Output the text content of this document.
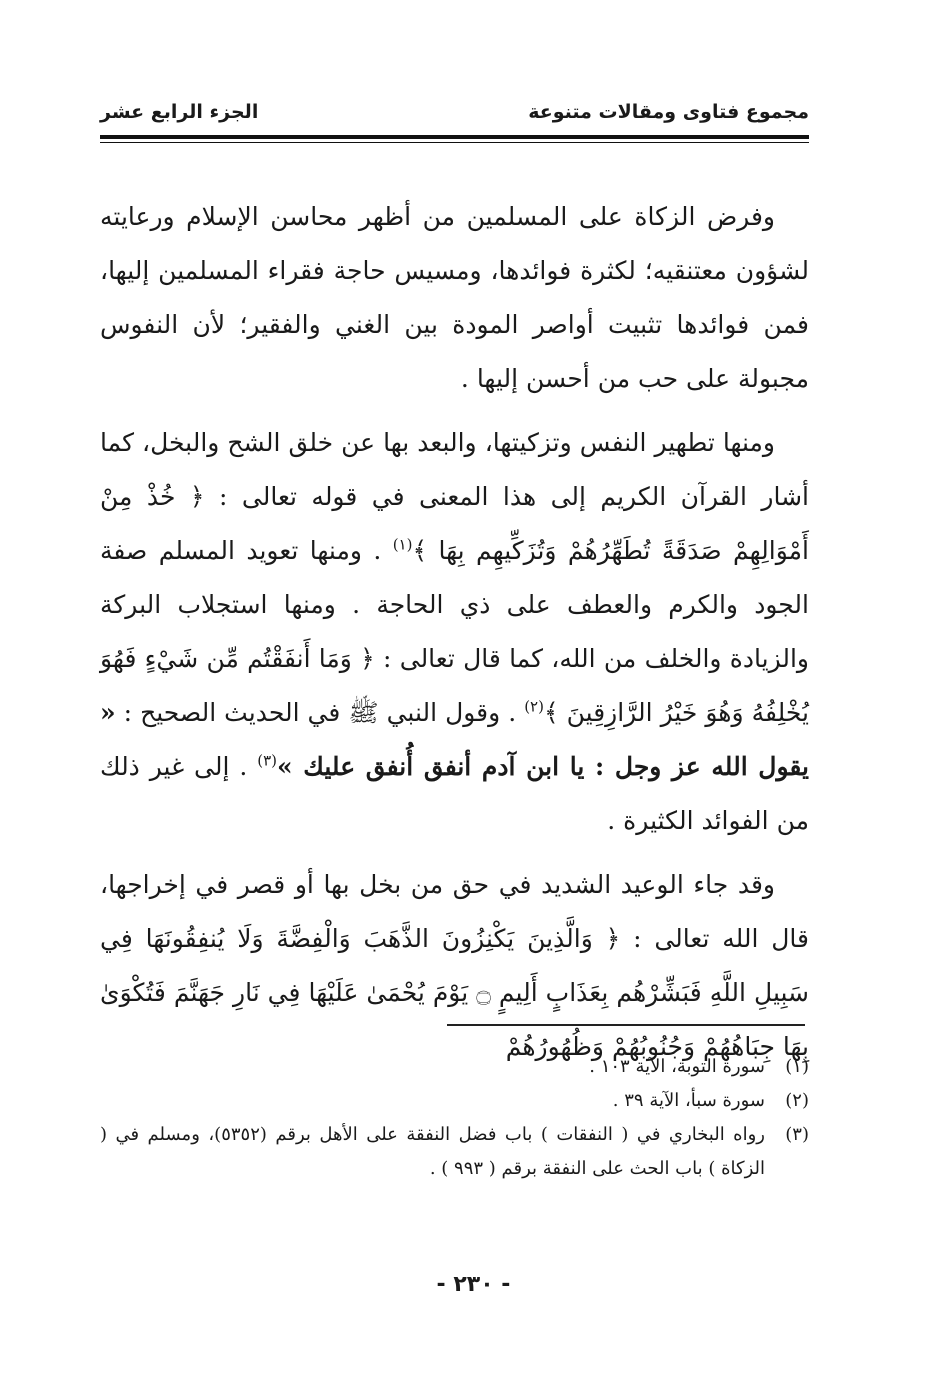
مجموع فتاوى ومقالات متنوعة
الجزء الرابع عشر

وفرض الزكاة على المسلمين من أظهر محاسن الإسلام ورعايته لشؤون معتنقيه؛ لكثرة فوائدها، ومسيس حاجة فقراء المسلمين إليها، فمن فوائدها تثبيت أواصر المودة بين الغني والفقير؛ لأن النفوس مجبولة على حب من أحسن إليها .

ومنها تطهير النفس وتزكيتها، والبعد بها عن خلق الشح والبخل، كما أشار القرآن الكريم إلى هذا المعنى في قوله تعالى : ﴿ خُذْ مِنْ أَمْوَالِهِمْ صَدَقَةً تُطَهِّرُهُمْ وَتُزَكِّيهِم بِهَا ﴾$^{(١)}$ . ومنها تعويد المسلم صفة الجود والكرم والعطف على ذي الحاجة . ومنها استجلاب البركة والزيادة والخلف من الله، كما قال تعالى : ﴿ وَمَا أَنفَقْتُم مِّن شَيْءٍ فَهُوَ يُخْلِفُهُ وَهُوَ خَيْرُ الرَّازِقِينَ ﴾$^{(٢)}$ . وقول النبي ﷺ في الحديث الصحيح : « يقول الله عز وجل : يا ابن آدم أنفق أُنفق عليك »$^{(٣)}$ . إلى غير ذلك من الفوائد الكثيرة .

وقد جاء الوعيد الشديد في حق من بخل بها أو قصر في إخراجها، قال الله تعالى : ﴿ وَالَّذِينَ يَكْنِزُونَ الذَّهَبَ وَالْفِضَّةَ وَلَا يُنفِقُونَهَا فِي سَبِيلِ اللَّهِ فَبَشِّرْهُم بِعَذَابٍ أَلِيمٍ ۝ يَوْمَ يُحْمَىٰ عَلَيْهَا فِي نَارِ جَهَنَّمَ فَتُكْوَىٰ بِهَا جِبَاهُهُمْ وَجُنُوبُهُمْ وَظُهُورُهُمْ

(١)
سورة التوبة، الآية ١٠٣ .
(٢)
سورة سبأ، الآية ٣٩ .
(٣)
رواه البخاري في ( النفقات ) باب فضل النفقة على الأهل برقم (٥٣٥٢)، ومسلم في ( الزكاة ) باب الحث على النفقة برقم ( ٩٩٣ ) .
- ٢٣٠ -
